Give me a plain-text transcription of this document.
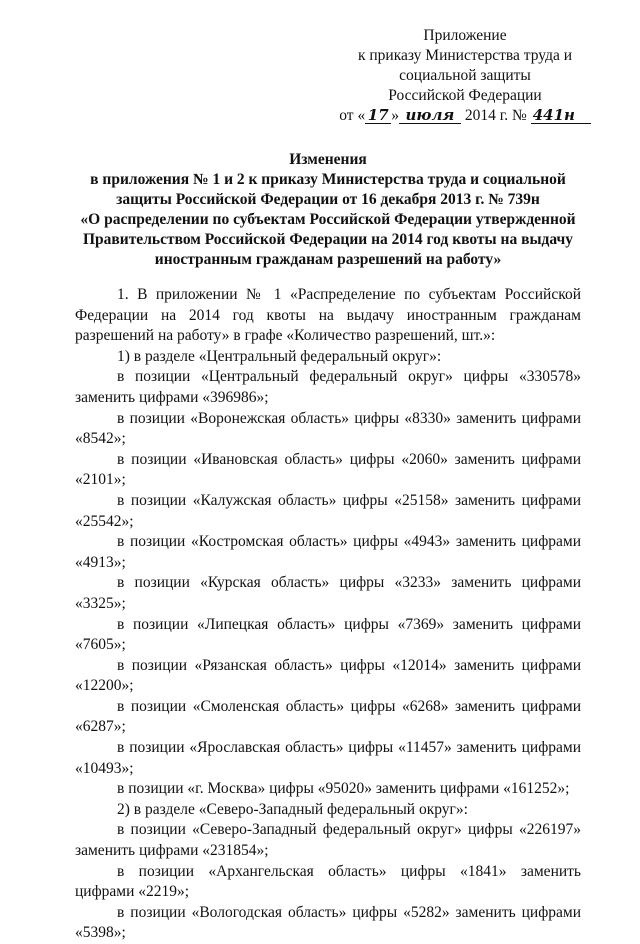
Приложение
к приказу Министерства труда и
социальной защиты
Российской Федерации
от « 17 » июля 2014 г. № 441н
Изменения
в приложения № 1 и 2 к приказу Министерства труда и социальной
защиты Российской Федерации от 16 декабря 2013 г. № 739н
«О распределении по субъектам Российской Федерации утвержденной
Правительством Российской Федерации на 2014 год квоты на выдачу
иностранным гражданам разрешений на работу»

1. В приложении № 1 «Распределение по субъектам Российской Федерации на 2014 год квоты на выдачу иностранным гражданам разрешений на работу» в графе «Количество разрешений, шт.»:

1) в разделе «Центральный федеральный округ»:

в позиции «Центральный федеральный округ» цифры «330578» заменить цифрами «396986»;

в позиции «Воронежская область» цифры «8330» заменить цифрами «8542»;

в позиции «Ивановская область» цифры «2060» заменить цифрами «2101»;

в позиции «Калужская область» цифры «25158» заменить цифрами «25542»;

в позиции «Костромская область» цифры «4943» заменить цифрами «4913»;

в позиции «Курская область» цифры «3233» заменить цифрами «3325»;

в позиции «Липецкая область» цифры «7369» заменить цифрами «7605»;

в позиции «Рязанская область» цифры «12014» заменить цифрами «12200»;

в позиции «Смоленская область» цифры «6268» заменить цифрами «6287»;

в позиции «Ярославская область» цифры «11457» заменить цифрами «10493»;

в позиции «г. Москва» цифры «95020» заменить цифрами «161252»;

2) в разделе «Северо-Западный федеральный округ»:

в позиции «Северо-Западный федеральный округ» цифры «226197» заменить цифрами «231854»;

в позиции «Архангельская область» цифры «1841» заменить цифрами «2219»;

в позиции «Вологодская область» цифры «5282» заменить цифрами «5398»;
